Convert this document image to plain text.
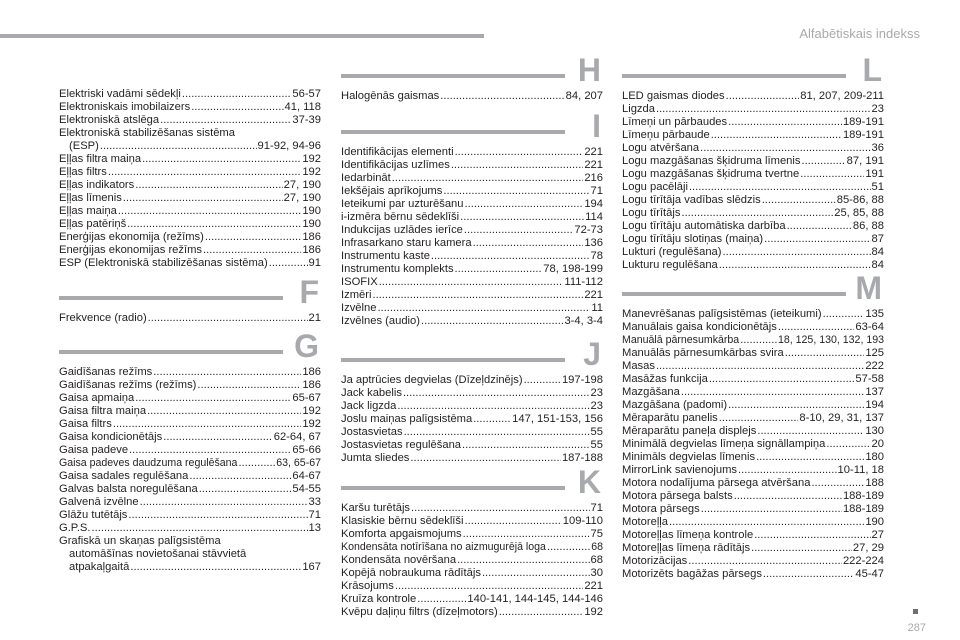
Alfabētiskais indekss
Elektriski vadāmi sēdekļi .....	56-57
Elektroniskais imobilaizers .....	41, 118
Elektroniskā atslēga .....	37-39
Elektroniskā stabilizēšanas sistēma
(ESP) .....	91-92, 94-96
Eļļas filtra maiņa .....	192
Eļļas filtrs .....	192
Eļļas indikators .....	27, 190
Eļļas līmenis .....	27, 190
Eļļas maiņa .....	190
Eļļas patēriņš .....	190
Enerģijas ekonomija (režīms) .....	186
Enerģijas ekonomijas režīms .....	186
ESP (Elektroniskā stabilizēšanas sistēma) .....	91
F
Frekvence (radio) .....	21
G
Gaidīšanas režīms .....	186
Gaidīšanas režīms (režīms) .....	186
Gaisa apmaiņa .....	65-67
Gaisa filtra maiņa .....	192
Gaisa filtrs .....	192
Gaisa kondicionētājs .....	62-64, 67
Gaisa padeve .....	65-66
Gaisa padeves daudzuma regulēšana .....	63, 65-67
Gaisa sadales regulēšana .....	64-67
Galvas balsta noregulēšana .....	54-55
Galvenā izvēlne .....	33
Glāžu tutētājs .....	71
G.P.S. .....	13
Grafiskā un skaņas palīgsistēma
automāšīnas novietošanai stāvvietā
atpakaļgaitā .....	167
H
Halogēnās gaismas .....	84, 207
I
Identifikācijas elementi .....	221
Identifikācijas uzlīmes .....	221
Iedarbināt .....	216
Iekšējais aprīkojums .....	71
Ieteikumi par uzturēšanu .....	194
i-izmēra bērnu sēdeklīši .....	114
Indukcijas uzlādes ierīce .....	72-73
Infrasarkano staru kamera .....	136
Instrumentu kaste .....	78
Instrumentu komplekts .....	78, 198-199
ISOFIX .....	111-112
Izmēri .....	221
Izvēlne .....	11
Izvēlnes (audio) .....	3-4, 3-4
J
Ja aptrūcies degvielas (Dīzeļdzinējs) .....	197-198
Jack kabelis .....	23
Jack ligzda .....	23
Joslu maiņas palīgsistēma .....	147, 151-153, 156
Jostasvietas .....	55
Jostasvietas regulēšana .....	55
Jumta sliedes .....	187-188
K
Karšu turētājs .....	71
Klasiskie bērnu sēdeklīši .....	109-110
Komforta apgaismojums .....	75
Kondensāta notīrīšana no aizmugurējā loga .....	68
Kondensāta novēršana .....	68
Kopējā nobraukuma rādītājs .....	30
Krāsojums .....	221
Kruīza kontrole .....	140-141, 144-145, 144-146
Kvēpu daļiņu filtrs (dīzeļmotors) .....	192
L
LED gaismas diodes .....	81, 207, 209-211
Ligzda .....	23
Līmeņi un pārbaudes .....	189-191
Līmeņu pārbaude .....	189-191
Logu atvēršana .....	36
Logu mazgāšanas šķidruma līmenis .....	87, 191
Logu mazgāšanas šķidruma tvertne .....	191
Logu pacēlāji .....	51
Logu tīrītāja vadības slēdzis .....	85-86, 88
Logu tīrītājs .....	25, 85, 88
Logu tīrītāju automātiska darbība .....	86, 88
Logu tīrītāju slotiņas (maiņa) .....	87
Lukturi (regulēšana) .....	84
Lukturu regulēšana .....	84
M
Manevrēšanas palīgsistēmas (ieteikumi) .....	135
Manuālais gaisa kondicionētājs .....	63-64
Manuālā pārnesumkārba .....	18, 125, 130, 132, 193
Manuālās pārnesumkārbas svira .....	125
Masas .....	222
Masāžas funkcija .....	57-58
Mazgāšana .....	137
Mazgāšana (padomi) .....	194
Mēraparātu panelis .....	8-10, 29, 31, 137
Mēraparātu paneļa displejs .....	130
Minimālā degvielas līmeņa signāllampiņa .....	20
Minimāls degvielas līmenis .....	180
MirrorLink savienojums .....	10-11, 18
Motora nodalījuma pārsega atvēršana .....	188
Motora pārsega balsts .....	188-189
Motora pārsegs .....	188-189
Motoreļļa .....	190
Motoreļļas līmeņa kontrole .....	27
Motoreļļas līmeņa rādītājs .....	27, 29
Motorizācijas .....	222-224
Motorizēts bagāžas pārsegs .....	45-47
287
